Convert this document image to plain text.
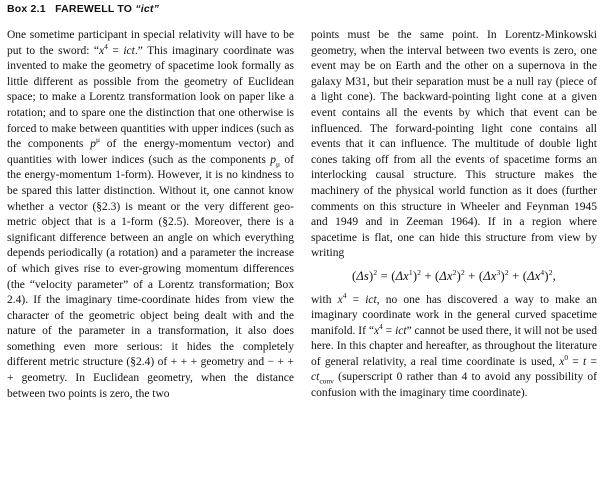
Box 2.1 FAREWELL TO “ict”

One sometime participant in special relativity will have to be put to the sword: “$x^4$ = ict.” This imaginary coordinate was invented to make the geometry of spacetime look formally as little different as possible from the geometry of Euclidean space; to make a Lorentz transformation look on paper like a rotation; and to spare one the distinction that one otherwise is forced to make between quantities with upper indices (such as the components $p^\mu$ of the energy-momentum vector) and quantities with lower indices (such as the components $p_\mu$ of the energy-momentum 1-form). However, it is no kindness to be spared this latter distinction. Without it, one cannot know whether a vector (§2.3) is meant or the very different geometric object that is a 1-form (§2.5). Moreover, there is a significant difference between an angle on which everything depends periodically (a rotation) and a parameter the increase of which gives rise to ever-growing momentum differences (the “velocity parameter” of a Lorentz transformation; Box 2.4). If the imaginary time-coordinate hides from view the character of the geometric object being dealt with and the nature of the parameter in a transformation, it also does something even more serious: it hides the completely different metric structure (§2.4) of + + + geometry and − + + + geometry. In Euclidean geometry, when the distance between two points is zero, the two

points must be the same point. In Lorentz-Minkowski geometry, when the interval between two events is zero, one event may be on Earth and the other on a supernova in the galaxy M31, but their separation must be a null ray (piece of a light cone). The backward-pointing light cone at a given event contains all the events by which that event can be influenced. The forward-pointing light cone contains all events that it can influence. The multitude of double light cones taking off from all the events of spacetime forms an interlocking causal structure. This structure makes the machinery of the physical world function as it does (further comments on this structure in Wheeler and Feynman 1945 and 1949 and in Zeeman 1964). If in a region where spacetime is flat, one can hide this structure from view by writing

$(\Delta s)^2 = (\Delta x^1)^2 + (\Delta x^2)^2 + (\Delta x^3)^2 + (\Delta x^4)^2$,

with $x^4$ = ict, no one has discovered a way to make an imaginary coordinate work in the general curved spacetime manifold. If “$x^4$ = ict” cannot be used there, it will not be used here. In this chapter and hereafter, as throughout the literature of general relativity, a real time coordinate is used, $x^0 = t = ct_{conv}$ (superscript 0 rather than 4 to avoid any possibility of confusion with the imaginary time coordinate).
